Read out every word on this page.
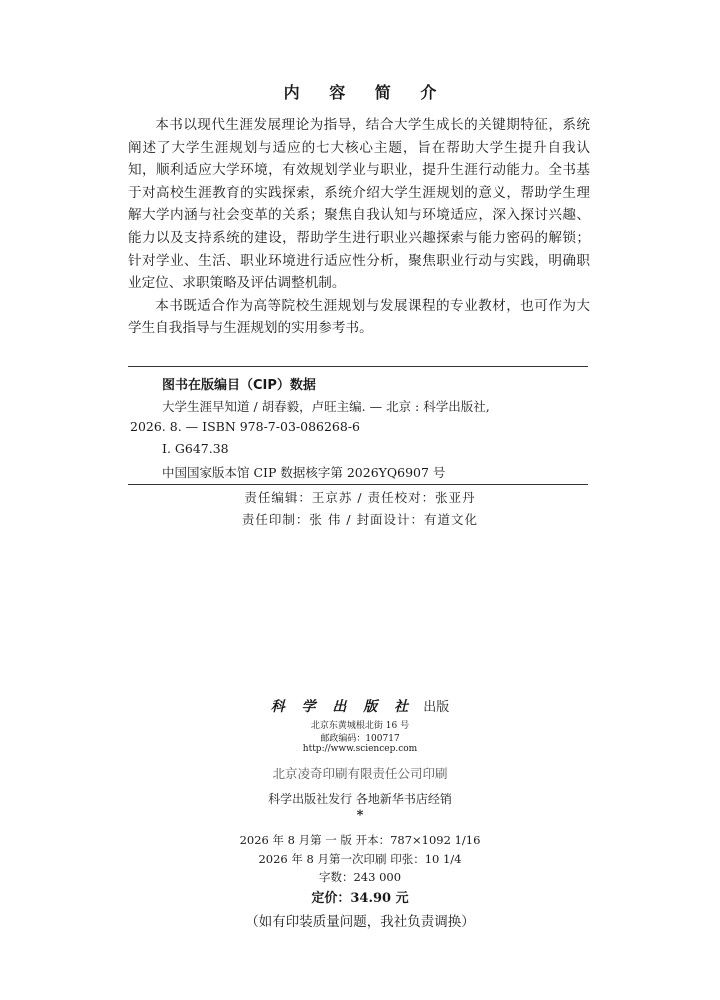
内 容 简 介

本书以现代生涯发展理论为指导，结合大学生成长的关键期特征，系统阐述了大学生涯规划与适应的七大核心主题，旨在帮助大学生提升自我认知，顺利适应大学环境，有效规划学业与职业，提升生涯行动能力。全书基于对高校生涯教育的实践探索，系统介绍大学生涯规划的意义，帮助学生理解大学内涵与社会变革的关系；聚焦自我认知与环境适应，深入探讨兴趣、能力以及支持系统的建设，帮助学生进行职业兴趣探索与能力密码的解锁；针对学业、生活、职业环境进行适应性分析，聚焦职业行动与实践，明确职业定位、求职策略及评估调整机制。

本书既适合作为高等院校生涯规划与发展课程的专业教材，也可作为大学生自我指导与生涯规划的实用参考书。

图书在版编目（CIP）数据
大学生涯早知道 / 胡春毅，卢旺主编. — 北京 : 科学出版社,
2026. 8. — ISBN 978-7-03-086268-6
Ⅰ. G647.38
中国国家版本馆 CIP 数据核字第 2026YQ6907 号
责任编辑：王京苏 / 责任校对：张亚丹
责任印制：张 伟 / 封面设计：有道文化
科 学 出 版 社 出版
北京东黄城根北街 16 号
邮政编码：100717
http://www.sciencep.com
北京凌奇印刷有限责任公司印刷
科学出版社发行 各地新华书店经销
*
2026 年 8 月第 一 版 开本：787×1092 1/16
2026 年 8 月第一次印刷 印张：10 1/4
字数：243 000
定价：34.90 元
（如有印装质量问题，我社负责调换）
